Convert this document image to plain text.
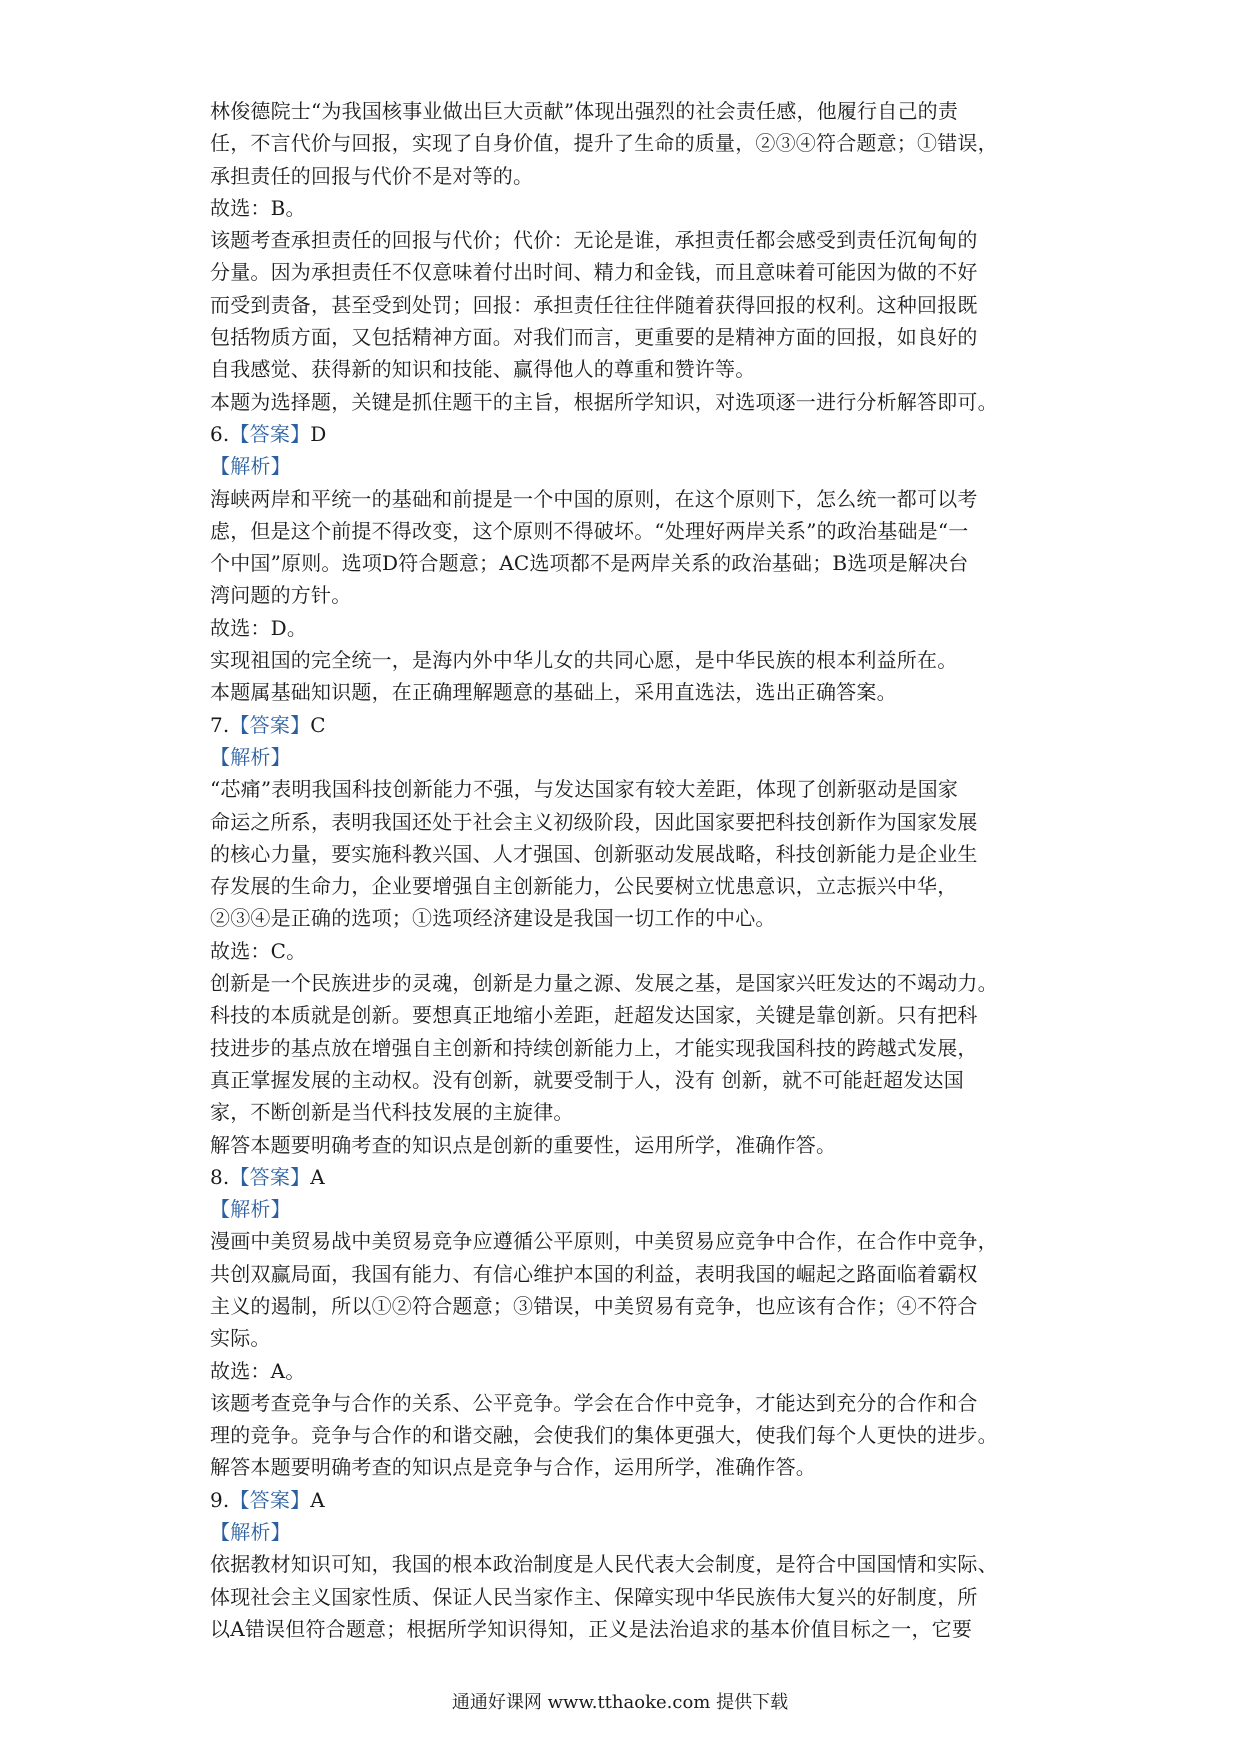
林俊德院士“为我国核事业做出巨大贡献”体现出强烈的社会责任感，他履行自己的责
任，不言代价与回报，实现了自身价值，提升了生命的质量，②③④符合题意；①错误，
承担责任的回报与代价不是对等的。
故选：B。
该题考查承担责任的回报与代价；代价：无论是谁，承担责任都会感受到责任沉甸甸的
分量。因为承担责任不仅意味着付出时间、精力和金钱，而且意味着可能因为做的不好
而受到责备，甚至受到处罚；回报：承担责任往往伴随着获得回报的权利。这种回报既
包括物质方面，又包括精神方面。对我们而言，更重要的是精神方面的回报，如良好的
自我感觉、获得新的知识和技能、赢得他人的尊重和赞许等。
本题为选择题，关键是抓住题干的主旨，根据所学知识，对选项逐一进行分析解答即可。
6.【答案】D
【解析】
海峡两岸和平统一的基础和前提是一个中国的原则，在这个原则下，怎么统一都可以考
虑，但是这个前提不得改变，这个原则不得破坏。“处理好两岸关系”的政治基础是“一
个中国”原则。选项D符合题意；AC选项都不是两岸关系的政治基础；B选项是解决台
湾问题的方针。
故选：D。
实现祖国的完全统一，是海内外中华儿女的共同心愿，是中华民族的根本利益所在。
本题属基础知识题，在正确理解题意的基础上，采用直选法，选出正确答案。
7.【答案】C
【解析】
“芯痛”表明我国科技创新能力不强，与发达国家有较大差距，体现了创新驱动是国家
命运之所系，表明我国还处于社会主义初级阶段，因此国家要把科技创新作为国家发展
的核心力量，要实施科教兴国、人才强国、创新驱动发展战略，科技创新能力是企业生
存发展的生命力，企业要增强自主创新能力，公民要树立忧患意识，立志振兴中华，
②③④是正确的选项；①选项经济建设是我国一切工作的中心。
故选：C。
创新是一个民族进步的灵魂，创新是力量之源、发展之基，是国家兴旺发达的不竭动力。
科技的本质就是创新。要想真正地缩小差距，赶超发达国家，关键是靠创新。只有把科
技进步的基点放在增强自主创新和持续创新能力上，才能实现我国科技的跨越式发展，
真正掌握发展的主动权。没有创新，就要受制于人，没有 创新，就不可能赶超发达国
家，不断创新是当代科技发展的主旋律。
解答本题要明确考查的知识点是创新的重要性，运用所学，准确作答。
8.【答案】A
【解析】
漫画中美贸易战中美贸易竞争应遵循公平原则，中美贸易应竞争中合作，在合作中竞争，
共创双赢局面，我国有能力、有信心维护本国的利益，表明我国的崛起之路面临着霸权
主义的遏制，所以①②符合题意；③错误，中美贸易有竞争，也应该有合作；④不符合
实际。
故选：A。
该题考查竞争与合作的关系、公平竞争。学会在合作中竞争，才能达到充分的合作和合
理的竞争。竞争与合作的和谐交融，会使我们的集体更强大，使我们每个人更快的进步。
解答本题要明确考查的知识点是竞争与合作，运用所学，准确作答。
9.【答案】A
【解析】
依据教材知识可知，我国的根本政治制度是人民代表大会制度，是符合中国国情和实际、
体现社会主义国家性质、保证人民当家作主、保障实现中华民族伟大复兴的好制度，所
以A错误但符合题意；根据所学知识得知，正义是法治追求的基本价值目标之一，它要
通通好课网 www.tthaoke.com 提供下载
